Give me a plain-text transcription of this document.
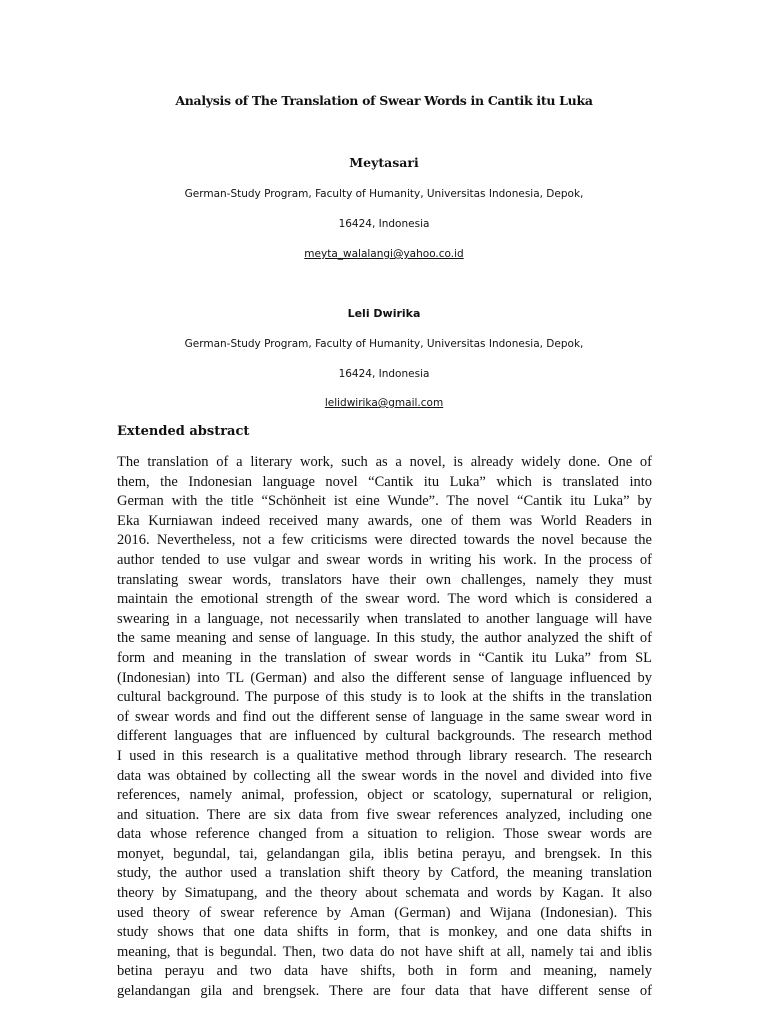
Analysis of The Translation of Swear Words in Cantik itu Luka

Meytasari

German-Study Program, Faculty of Humanity, Universitas Indonesia, Depok,

16424, Indonesia

meyta_walalangi@yahoo.co.id

Leli Dwirika

German-Study Program, Faculty of Humanity, Universitas Indonesia, Depok,

16424, Indonesia

lelidwirika@gmail.com

Extended abstract
The translation of a literary work, such as a novel, is already widely done. One of
them, the Indonesian language novel “Cantik itu Luka” which is translated into
German with the title “Schönheit ist eine Wunde”. The novel “Cantik itu Luka” by
Eka Kurniawan indeed received many awards, one of them was World Readers in
2016. Nevertheless, not a few criticisms were directed towards the novel because the
author tended to use vulgar and swear words in writing his work. In the process of
translating swear words, translators have their own challenges, namely they must
maintain the emotional strength of the swear word. The word which is considered a
swearing in a language, not necessarily when translated to another language will have
the same meaning and sense of language. In this study, the author analyzed the shift of
form and meaning in the translation of swear words in “Cantik itu Luka” from SL
(Indonesian) into TL (German) and also the different sense of language influenced by
cultural background. The purpose of this study is to look at the shifts in the translation
of swear words and find out the different sense of language in the same swear word in
different languages that are influenced by cultural backgrounds. The research method
I used in this research is a qualitative method through library research. The research
data was obtained by collecting all the swear words in the novel and divided into five
references, namely animal, profession, object or scatology, supernatural or religion,
and situation. There are six data from five swear references analyzed, including one
data whose reference changed from a situation to religion. Those swear words are
monyet, begundal, tai, gelandangan gila, iblis betina perayu, and brengsek. In this
study, the author used a translation shift theory by Catford, the meaning translation
theory by Simatupang, and the theory about schemata and words by Kagan. It also
used theory of swear reference by Aman (German) and Wijana (Indonesian). This
study shows that one data shifts in form, that is monkey, and one data shifts in
meaning, that is begundal. Then, two data do not have shift at all, namely tai and iblis
betina perayu and two data have shifts, both in form and meaning, namely
gelandangan gila and brengsek. There are four data that have different sense of
